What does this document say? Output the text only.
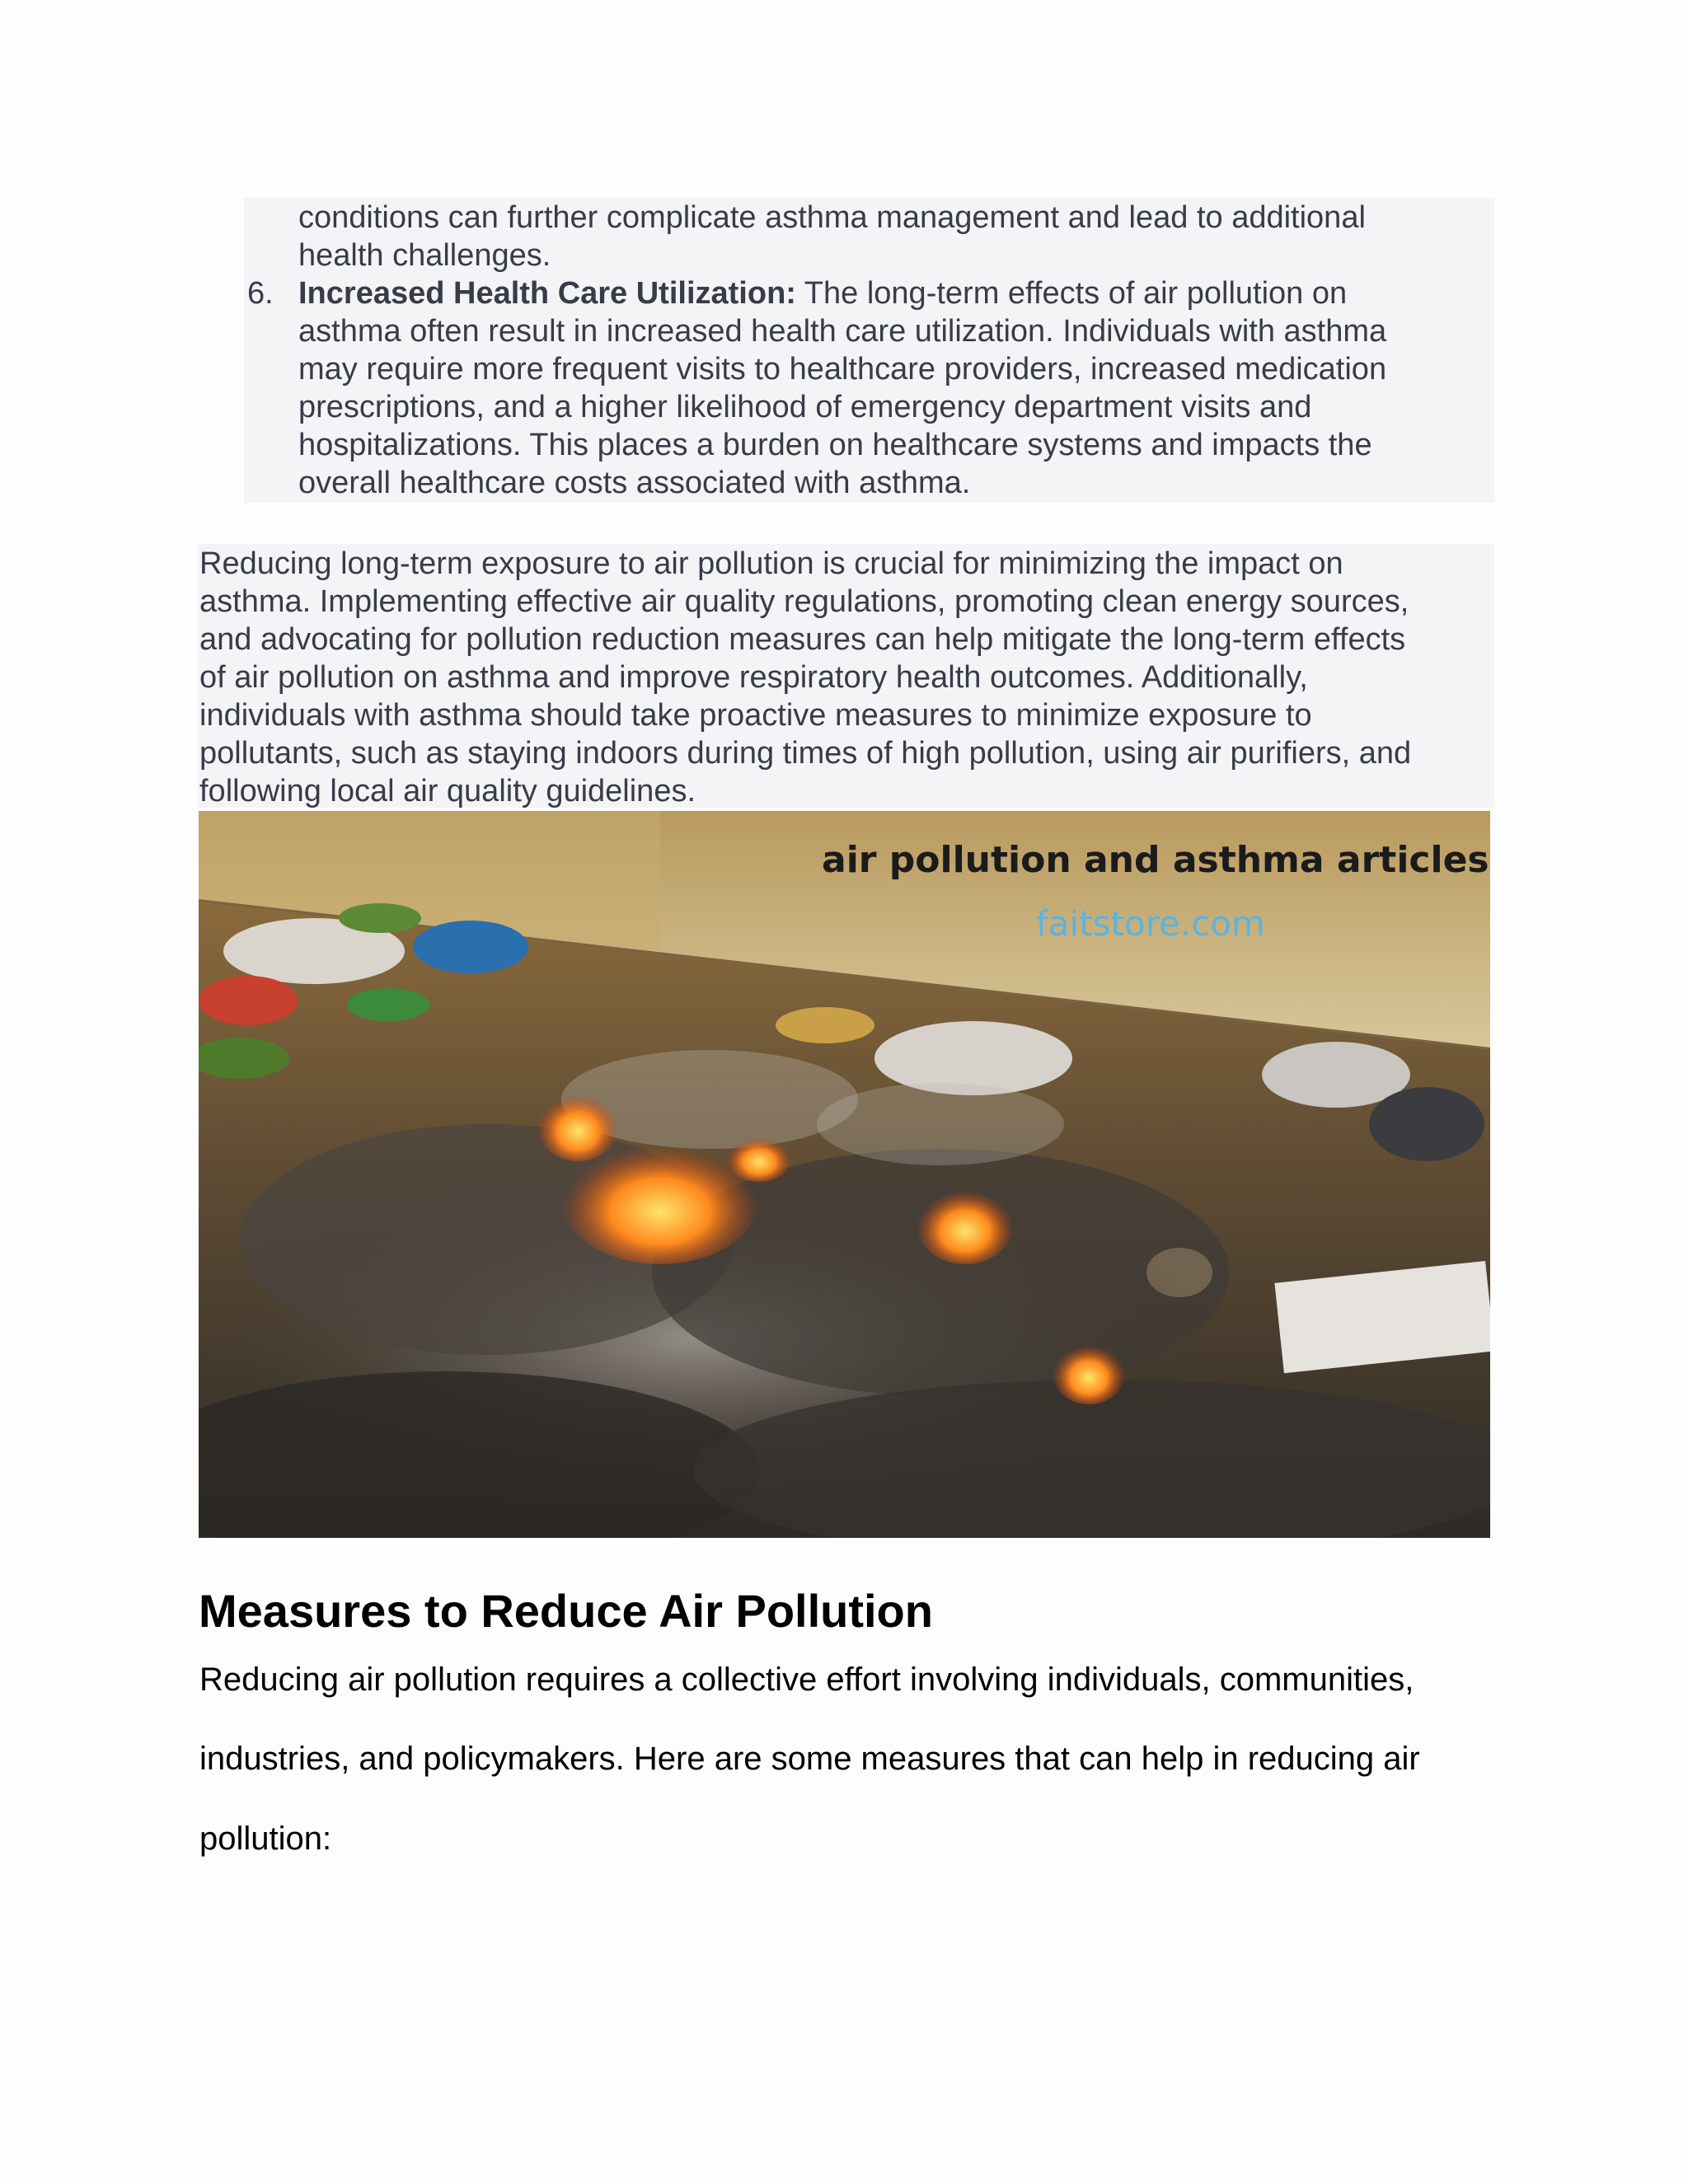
conditions can further complicate asthma management and lead to additional
health challenges.
6. Increased Health Care Utilization: The long-term effects of air pollution on
asthma often result in increased health care utilization. Individuals with asthma
may require more frequent visits to healthcare providers, increased medication
prescriptions, and a higher likelihood of emergency department visits and
hospitalizations. This places a burden on healthcare systems and impacts the
overall healthcare costs associated with asthma.
Reducing long-term exposure to air pollution is crucial for minimizing the impact on
asthma. Implementing effective air quality regulations, promoting clean energy sources,
and advocating for pollution reduction measures can help mitigate the long-term effects
of air pollution on asthma and improve respiratory health outcomes. Additionally,
individuals with asthma should take proactive measures to minimize exposure to
pollutants, such as staying indoors during times of high pollution, using air purifiers, and
following local air quality guidelines.
air pollution and asthma articles
faitstore.com
Measures to Reduce Air Pollution
Reducing air pollution requires a collective effort involving individuals, communities,
industries, and policymakers. Here are some measures that can help in reducing air
pollution:
